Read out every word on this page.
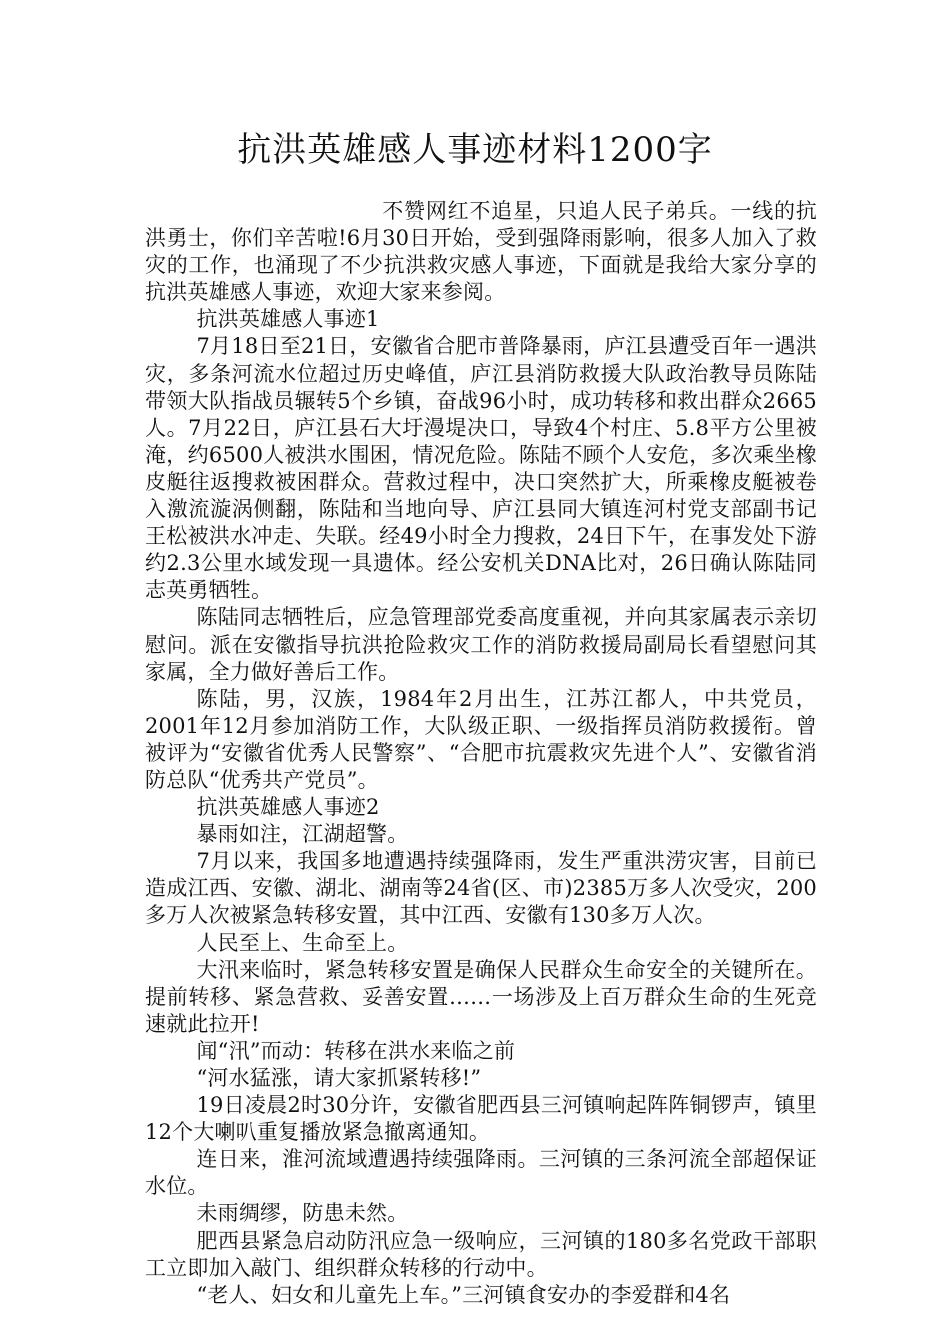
抗洪英雄感人事迹材料1200字

不赞网红不追星，只追人民子弟兵。一线的抗洪勇士，你们辛苦啦!6月30日开始，受到强降雨影响，很多人加入了救灾的工作，也涌现了不少抗洪救灾感人事迹，下面就是我给大家分享的抗洪英雄感人事迹，欢迎大家来参阅。

抗洪英雄感人事迹1

7月18日至21日，安徽省合肥市普降暴雨，庐江县遭受百年一遇洪灾，多条河流水位超过历史峰值，庐江县消防救援大队政治教导员陈陆带领大队指战员辗转5个乡镇，奋战96小时，成功转移和救出群众2665人。7月22日，庐江县石大圩漫堤决口，导致4个村庄、5.8平方公里被淹，约6500人被洪水围困，情况危险。陈陆不顾个人安危，多次乘坐橡皮艇往返搜救被困群众。营救过程中，决口突然扩大，所乘橡皮艇被卷入激流漩涡侧翻，陈陆和当地向导、庐江县同大镇连河村党支部副书记王松被洪水冲走、失联。经49小时全力搜救，24日下午，在事发处下游约2.3公里水域发现一具遗体。经公安机关DNA比对，26日确认陈陆同志英勇牺牲。

陈陆同志牺牲后，应急管理部党委高度重视，并向其家属表示亲切慰问。派在安徽指导抗洪抢险救灾工作的消防救援局副局长看望慰问其家属，全力做好善后工作。

陈陆，男，汉族，1984年2月出生，江苏江都人，中共党员，2001年12月参加消防工作，大队级正职、一级指挥员消防救援衔。曾被评为“安徽省优秀人民警察”、“合肥市抗震救灾先进个人”、安徽省消防总队“优秀共产党员”。

抗洪英雄感人事迹2

暴雨如注，江湖超警。

7月以来，我国多地遭遇持续强降雨，发生严重洪涝灾害，目前已造成江西、安徽、湖北、湖南等24省(区、市)2385万多人次受灾，200多万人次被紧急转移安置，其中江西、安徽有130多万人次。

人民至上、生命至上。

大汛来临时，紧急转移安置是确保人民群众生命安全的关键所在。提前转移、紧急营救、妥善安置……一场涉及上百万群众生命的生死竞速就此拉开!

闻“汛”而动：转移在洪水来临之前

“河水猛涨，请大家抓紧转移!”

19日凌晨2时30分许，安徽省肥西县三河镇响起阵阵铜锣声，镇里12个大喇叭重复播放紧急撤离通知。

连日来，淮河流域遭遇持续强降雨。三河镇的三条河流全部超保证水位。

未雨绸缪，防患未然。

肥西县紧急启动防汛应急一级响应，三河镇的180多名党政干部职工立即加入敲门、组织群众转移的行动中。

“老人、妇女和儿童先上车。”三河镇食安办的李爱群和4名
